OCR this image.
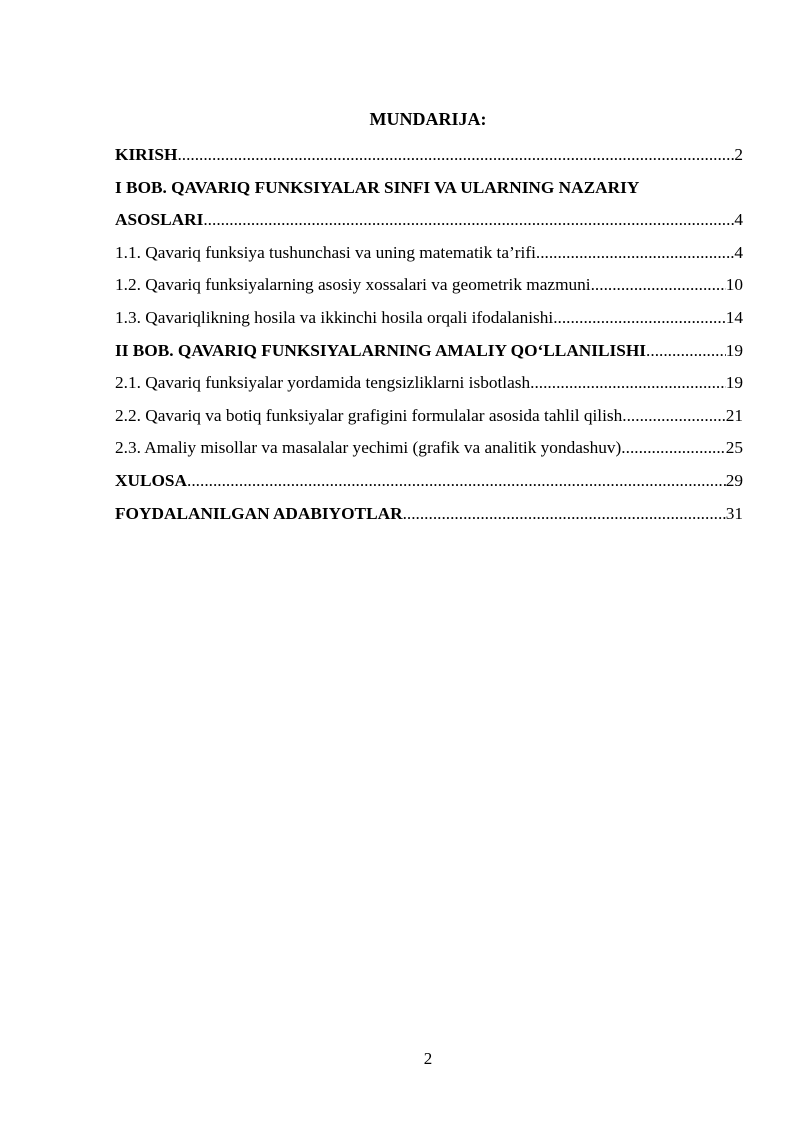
MUNDARIJA:
KIRISH .....	2
I BOB. QAVARIQ FUNKSIYALAR SINFI VA ULARNING NAZARIY
ASOSLARI .....	4
1.1. Qavariq funksiya tushunchasi va uning matematik ta’rifi .....	4
1.2. Qavariq funksiyalarning asosiy xossalari va geometrik mazmuni .....	10
1.3. Qavariqlikning hosila va ikkinchi hosila orqali ifodalanishi .....	14
II BOB. QAVARIQ FUNKSIYALARNING AMALIY QO‘LLANILISHI .....	19
2.1. Qavariq funksiyalar yordamida tengsizliklarni isbotlash .....	19
2.2. Qavariq va botiq funksiyalar grafigini formulalar asosida tahlil qilish .....	21
2.3. Amaliy misollar va masalalar yechimi (grafik va analitik yondashuv) .....	25
XULOSA .....	29
FOYDALANILGAN ADABIYOTLAR .....	31
2
